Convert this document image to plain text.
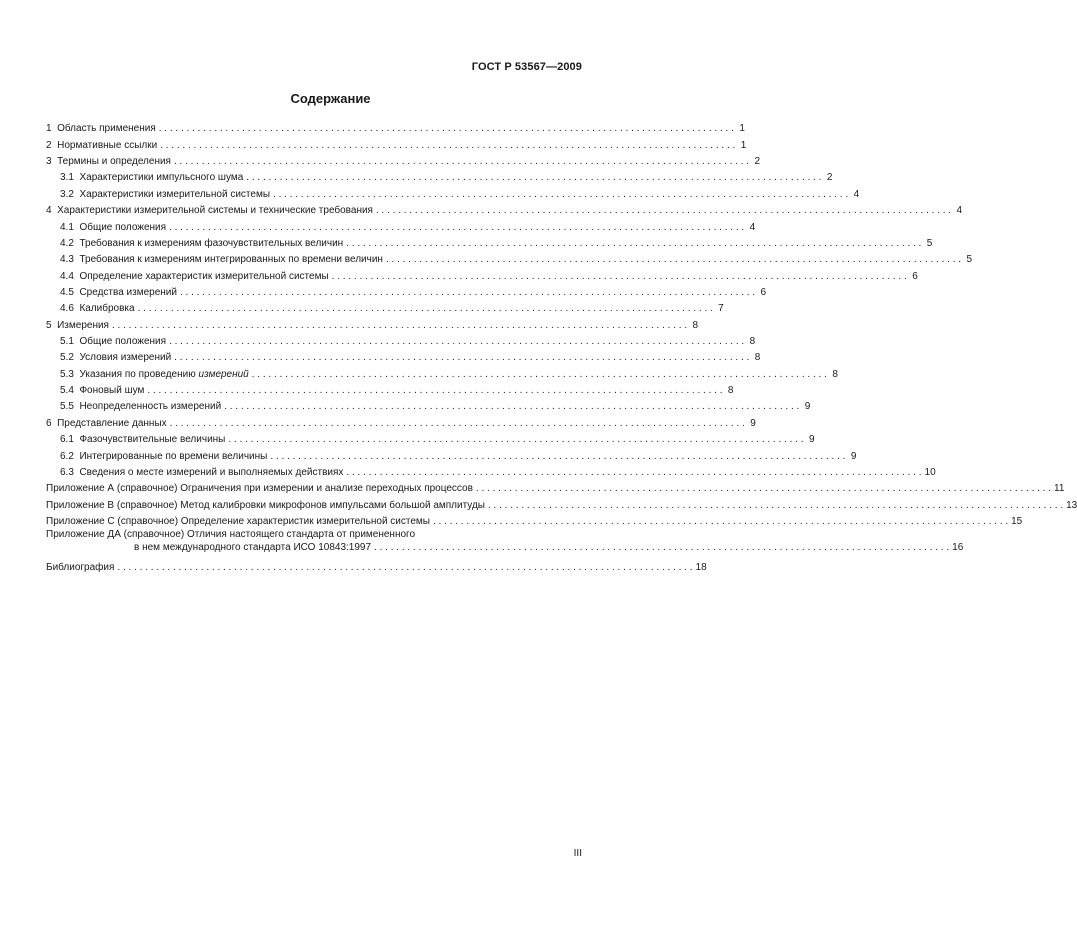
ГОСТ Р 53567—2009
Содержание
1  Область применения . . .	1
2  Нормативные ссылки . . .	1
3  Термины и определения . . .	2
3.1  Характеристики импульсного шума . . .	2
3.2  Характеристики измерительной системы . . .	4
4  Характеристики измерительной системы и технические требования . . .	4
4.1  Общие положения . . .	4
4.2  Требования к измерениям фазочувствительных величин . . .	5
4.3  Требования к измерениям интегрированных по времени величин . . .	5
4.4  Определение характеристик измерительной системы . . .	6
4.5  Средства измерений . . .	6
4.6  Калибровка . . .	7
5  Измерения . . .	8
5.1  Общие положения . . .	8
5.2  Условия измерений . . .	8
5.3  Указания по проведению измерений . . .	8
5.4  Фоновый шум . . .	8
5.5  Неопределенность измерений . . .	9
6  Представление данных . . .	9
6.1  Фазочувствительные величины . . .	9
6.2  Интегрированные по времени величины . . .	9
6.3  Сведения о месте измерений и выполняемых действиях . . .	10
Приложение А (справочное) Ограничения при измерении и анализе переходных процессов . . .	11
Приложение В (справочное) Метод калибровки микрофонов импульсами большой амплитуды . . .	13
Приложение С (справочное) Определение характеристик измерительной системы . . .	15
Приложение ДА (справочное) Отличия настоящего стандарта от примененного
в нем международного стандарта ИСО 10843:1997 . . .	16
Библиография . . .	18
III
